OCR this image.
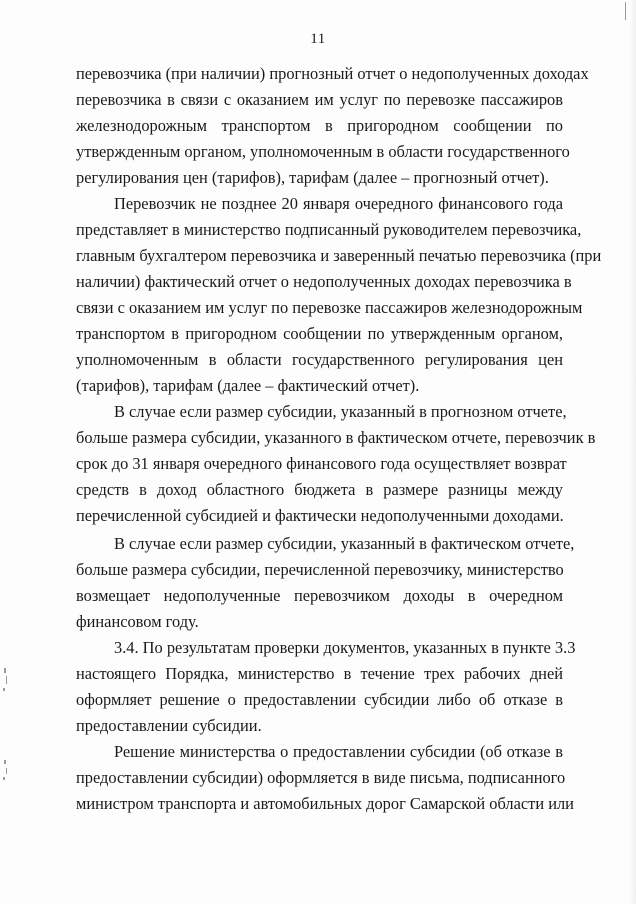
11
перевозчика (при наличии) прогнозный отчет о недополученных доходах
перевозчика в связи с оказанием им услуг по перевозке пассажиров
железнодорожным транспортом в пригородном сообщении по
утвержденным органом, уполномоченным в области государственного
регулирования цен (тарифов), тарифам (далее – прогнозный отчет).
Перевозчик не позднее 20 января очередного финансового года
представляет в министерство подписанный руководителем перевозчика,
главным бухгалтером перевозчика и заверенный печатью перевозчика (при
наличии) фактический отчет о недополученных доходах перевозчика в
связи с оказанием им услуг по перевозке пассажиров железнодорожным
транспортом в пригородном сообщении по утвержденным органом,
уполномоченным в области государственного регулирования цен
(тарифов), тарифам (далее – фактический отчет).
В случае если размер субсидии, указанный в прогнозном отчете,
больше размера субсидии, указанного в фактическом отчете, перевозчик в
срок до 31 января очередного финансового года осуществляет возврат
средств в доход областного бюджета в размере разницы между
перечисленной субсидией и фактически недополученными доходами.
В случае если размер субсидии, указанный в фактическом отчете,
больше размера субсидии, перечисленной перевозчику, министерство
возмещает недополученные перевозчиком доходы в очередном
финансовом году.
3.4. По результатам проверки документов, указанных в пункте 3.3
настоящего Порядка, министерство в течение трех рабочих дней
оформляет решение о предоставлении субсидии либо об отказе в
предоставлении субсидии.
Решение министерства о предоставлении субсидии (об отказе в
предоставлении субсидии) оформляется в виде письма, подписанного
министром транспорта и автомобильных дорог Самарской области или
